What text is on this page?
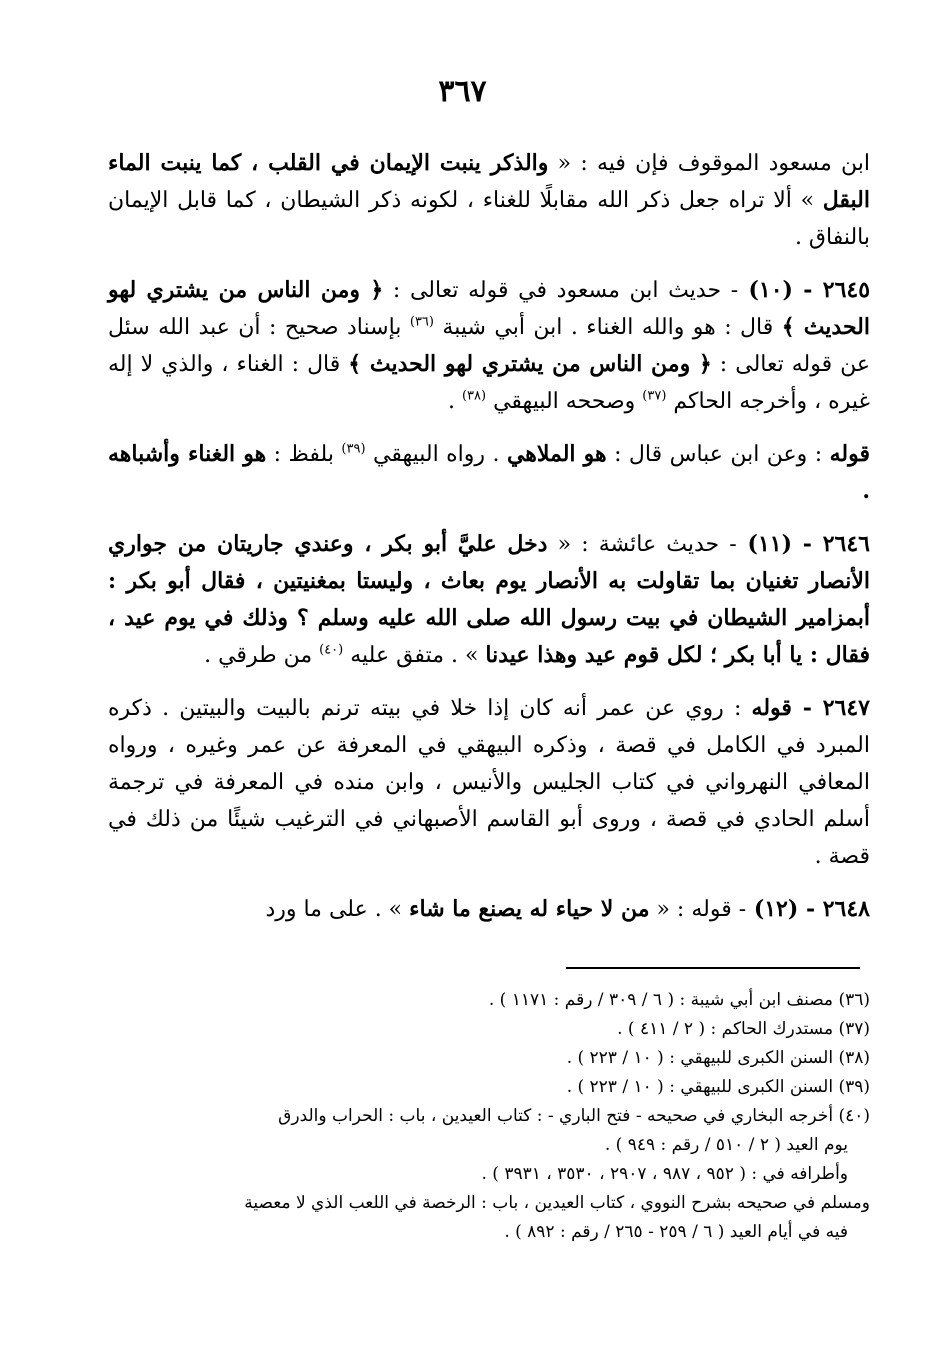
٣٦٧

ابن مسعود الموقوف فإن فيه : « والذكر ينبت الإيمان في القلب ، كما ينبت الماء البقل » ألا تراه جعل ذكر الله مقابلًا للغناء ، لكونه ذكر الشيطان ، كما قابل الإيمان بالنفاق .

٢٦٤٥ - (١٠) - حديث ابن مسعود في قوله تعالى : ﴿ ومن الناس من يشتري لهو الحديث ﴾ قال : هو والله الغناء . ابن أبي شيبة $^{(٣٦)}$ بإسناد صحيح : أن عبد الله سئل عن قوله تعالى : ﴿ ومن الناس من يشتري لهو الحديث ﴾ قال : الغناء ، والذي لا إله غيره ، وأخرجه الحاكم $^{(٣٧)}$ وصححه البيهقي $^{(٣٨)}$ .

قوله : وعن ابن عباس قال : هو الملاهي . رواه البيهقي $^{(٣٩)}$ بلفظ : هو الغناء وأشباهه .

٢٦٤٦ - (١١) - حديث عائشة : « دخل عليَّ أبو بكر ، وعندي جاريتان من جواري الأنصار تغنيان بما تقاولت به الأنصار يوم بعاث ، وليستا بمغنيتين ، فقال أبو بكر : أبمزامير الشيطان في بيت رسول الله صلى الله عليه وسلم ؟ وذلك في يوم عيد ، فقال : يا أبا بكر ؛ لكل قوم عيد وهذا عيدنا » . متفق عليه $^{(٤٠)}$ من طرقي .

٢٦٤٧ - قوله : روي عن عمر أنه كان إذا خلا في بيته ترنم بالبيت والبيتين . ذكره المبرد في الكامل في قصة ، وذكره البيهقي في المعرفة عن عمر وغيره ، ورواه المعافي النهرواني في كتاب الجليس والأنيس ، وابن منده في المعرفة في ترجمة أسلم الحادي في قصة ، وروى أبو القاسم الأصبهاني في الترغيب شيئًا من ذلك في قصة .

٢٦٤٨ - (١٢) - قوله : « من لا حياء له يصنع ما شاء » . على ما ورد

(٣٦) مصنف ابن أبي شيبة : ( ٦ / ٣٠٩ / رقم : ١١٧١ ) .
(٣٧) مستدرك الحاكم : ( ٢ / ٤١١ ) .
(٣٨) السنن الكبرى للبيهقي : ( ١٠ / ٢٢٣ ) .
(٣٩) السنن الكبرى للبيهقي : ( ١٠ / ٢٢٣ ) .
(٤٠) أخرجه البخاري في صحيحه - فتح الباري - : كتاب العيدين ، باب : الحراب والدرق
يوم العيد ( ٢ / ٥١٠ / رقم : ٩٤٩ ) .
وأطرافه في : ( ٩٥٢ ، ٩٨٧ ، ٢٩٠٧ ، ٣٥٣٠ ، ٣٩٣١ ) .
ومسلم في صحيحه بشرح النووي ، كتاب العيدين ، باب : الرخصة في اللعب الذي لا معصية
فيه في أيام العيد ( ٦ / ٢٥٩ - ٢٦٥ / رقم : ٨٩٢ ) .
